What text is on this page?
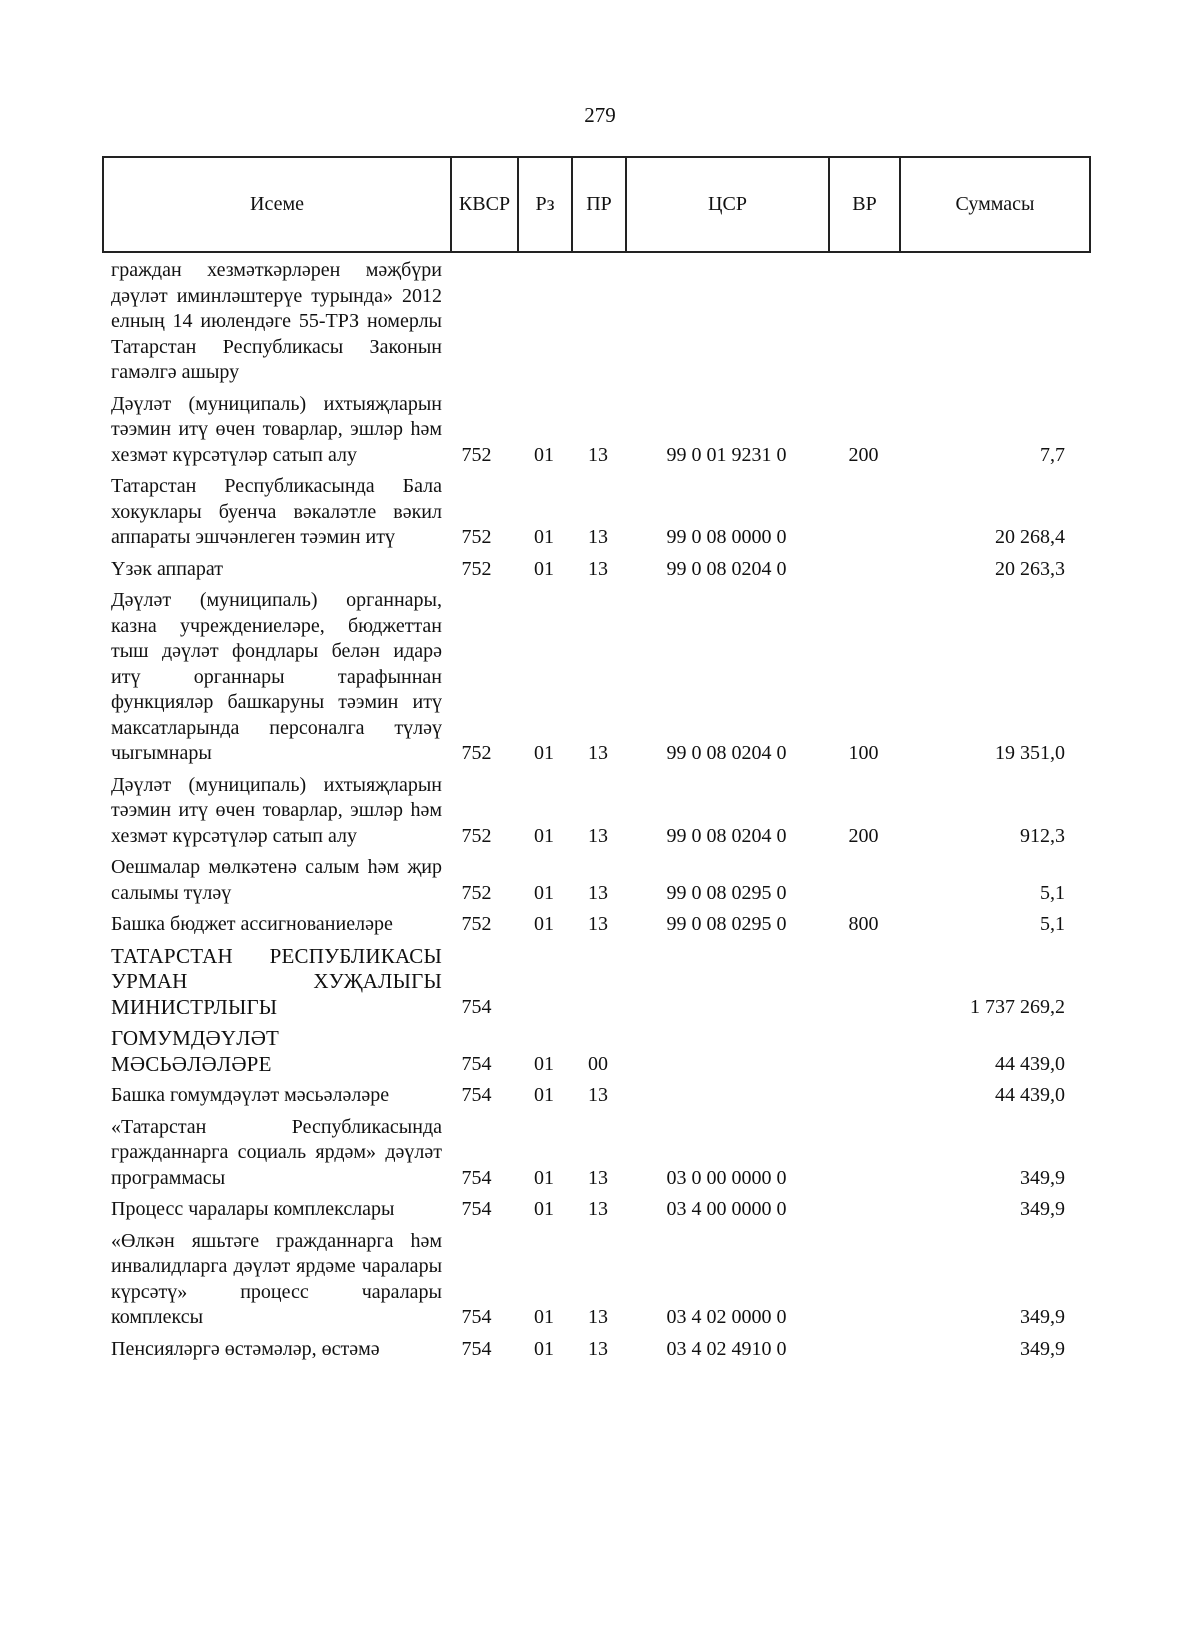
279
Исеме	КВСР	Рз	ПР	ЦСР	ВР	Суммасы
граждан хезмәткәрләрен мәҗбүри дәүләт иминләштерүе турында» 2012 елның 14 июлендәге 55-ТРЗ номерлы Татарстан Республикасы Законын гамәлгә ашыру						
Дәүләт (муниципаль) ихтыяҗларын тәэмин итү өчен товарлар, эшләр һәм хезмәт күрсәтүләр сатып алу	752	01	13	99 0 01 9231 0	200	7,7
Татарстан Республикасында Бала хокуклары буенча вәкаләтле вәкил аппараты эшчәнлеген тәэмин итү	752	01	13	99 0 08 0000 0		20 268,4
Үзәк аппарат	752	01	13	99 0 08 0204 0		20 263,3
Дәүләт (муниципаль) органнары, казна учреждениеләре, бюджеттан тыш дәүләт фондлары белән идарә итү органнары тарафыннан функцияләр башкаруны тәэмин итү максатларында персоналга түләү чыгымнары	752	01	13	99 0 08 0204 0	100	19 351,0
Дәүләт (муниципаль) ихтыяҗларын тәэмин итү өчен товарлар, эшләр һәм хезмәт күрсәтүләр сатып алу	752	01	13	99 0 08 0204 0	200	912,3
Оешмалар мөлкәтенә салым һәм җир салымы түләү	752	01	13	99 0 08 0295 0		5,1
Башка бюджет ассигнованиеләре	752	01	13	99 0 08 0295 0	800	5,1
ТАТАРСТАН РЕСПУБЛИКАСЫ УРМАН ХУҖАЛЫГЫ МИНИСТРЛЫГЫ	754					1 737 269,2
ГОМУМДӘҮЛӘТ МӘСЬӘЛӘЛӘРЕ	754	01	00			44 439,0
Башка гомумдәүләт мәсьәләләре	754	01	13			44 439,0
«Татарстан Республикасында гражданнарга социаль ярдәм» дәүләт программасы	754	01	13	03 0 00 0000 0		349,9
Процесс чаралары комплекслары	754	01	13	03 4 00 0000 0		349,9
«Өлкән яшьтәге гражданнарга һәм инвалидларга дәүләт ярдәме чаралары күрсәтү» процесс чаралары комплексы	754	01	13	03 4 02 0000 0		349,9
Пенсияләргә өстәмәләр, өстәмә	754	01	13	03 4 02 4910 0		349,9
